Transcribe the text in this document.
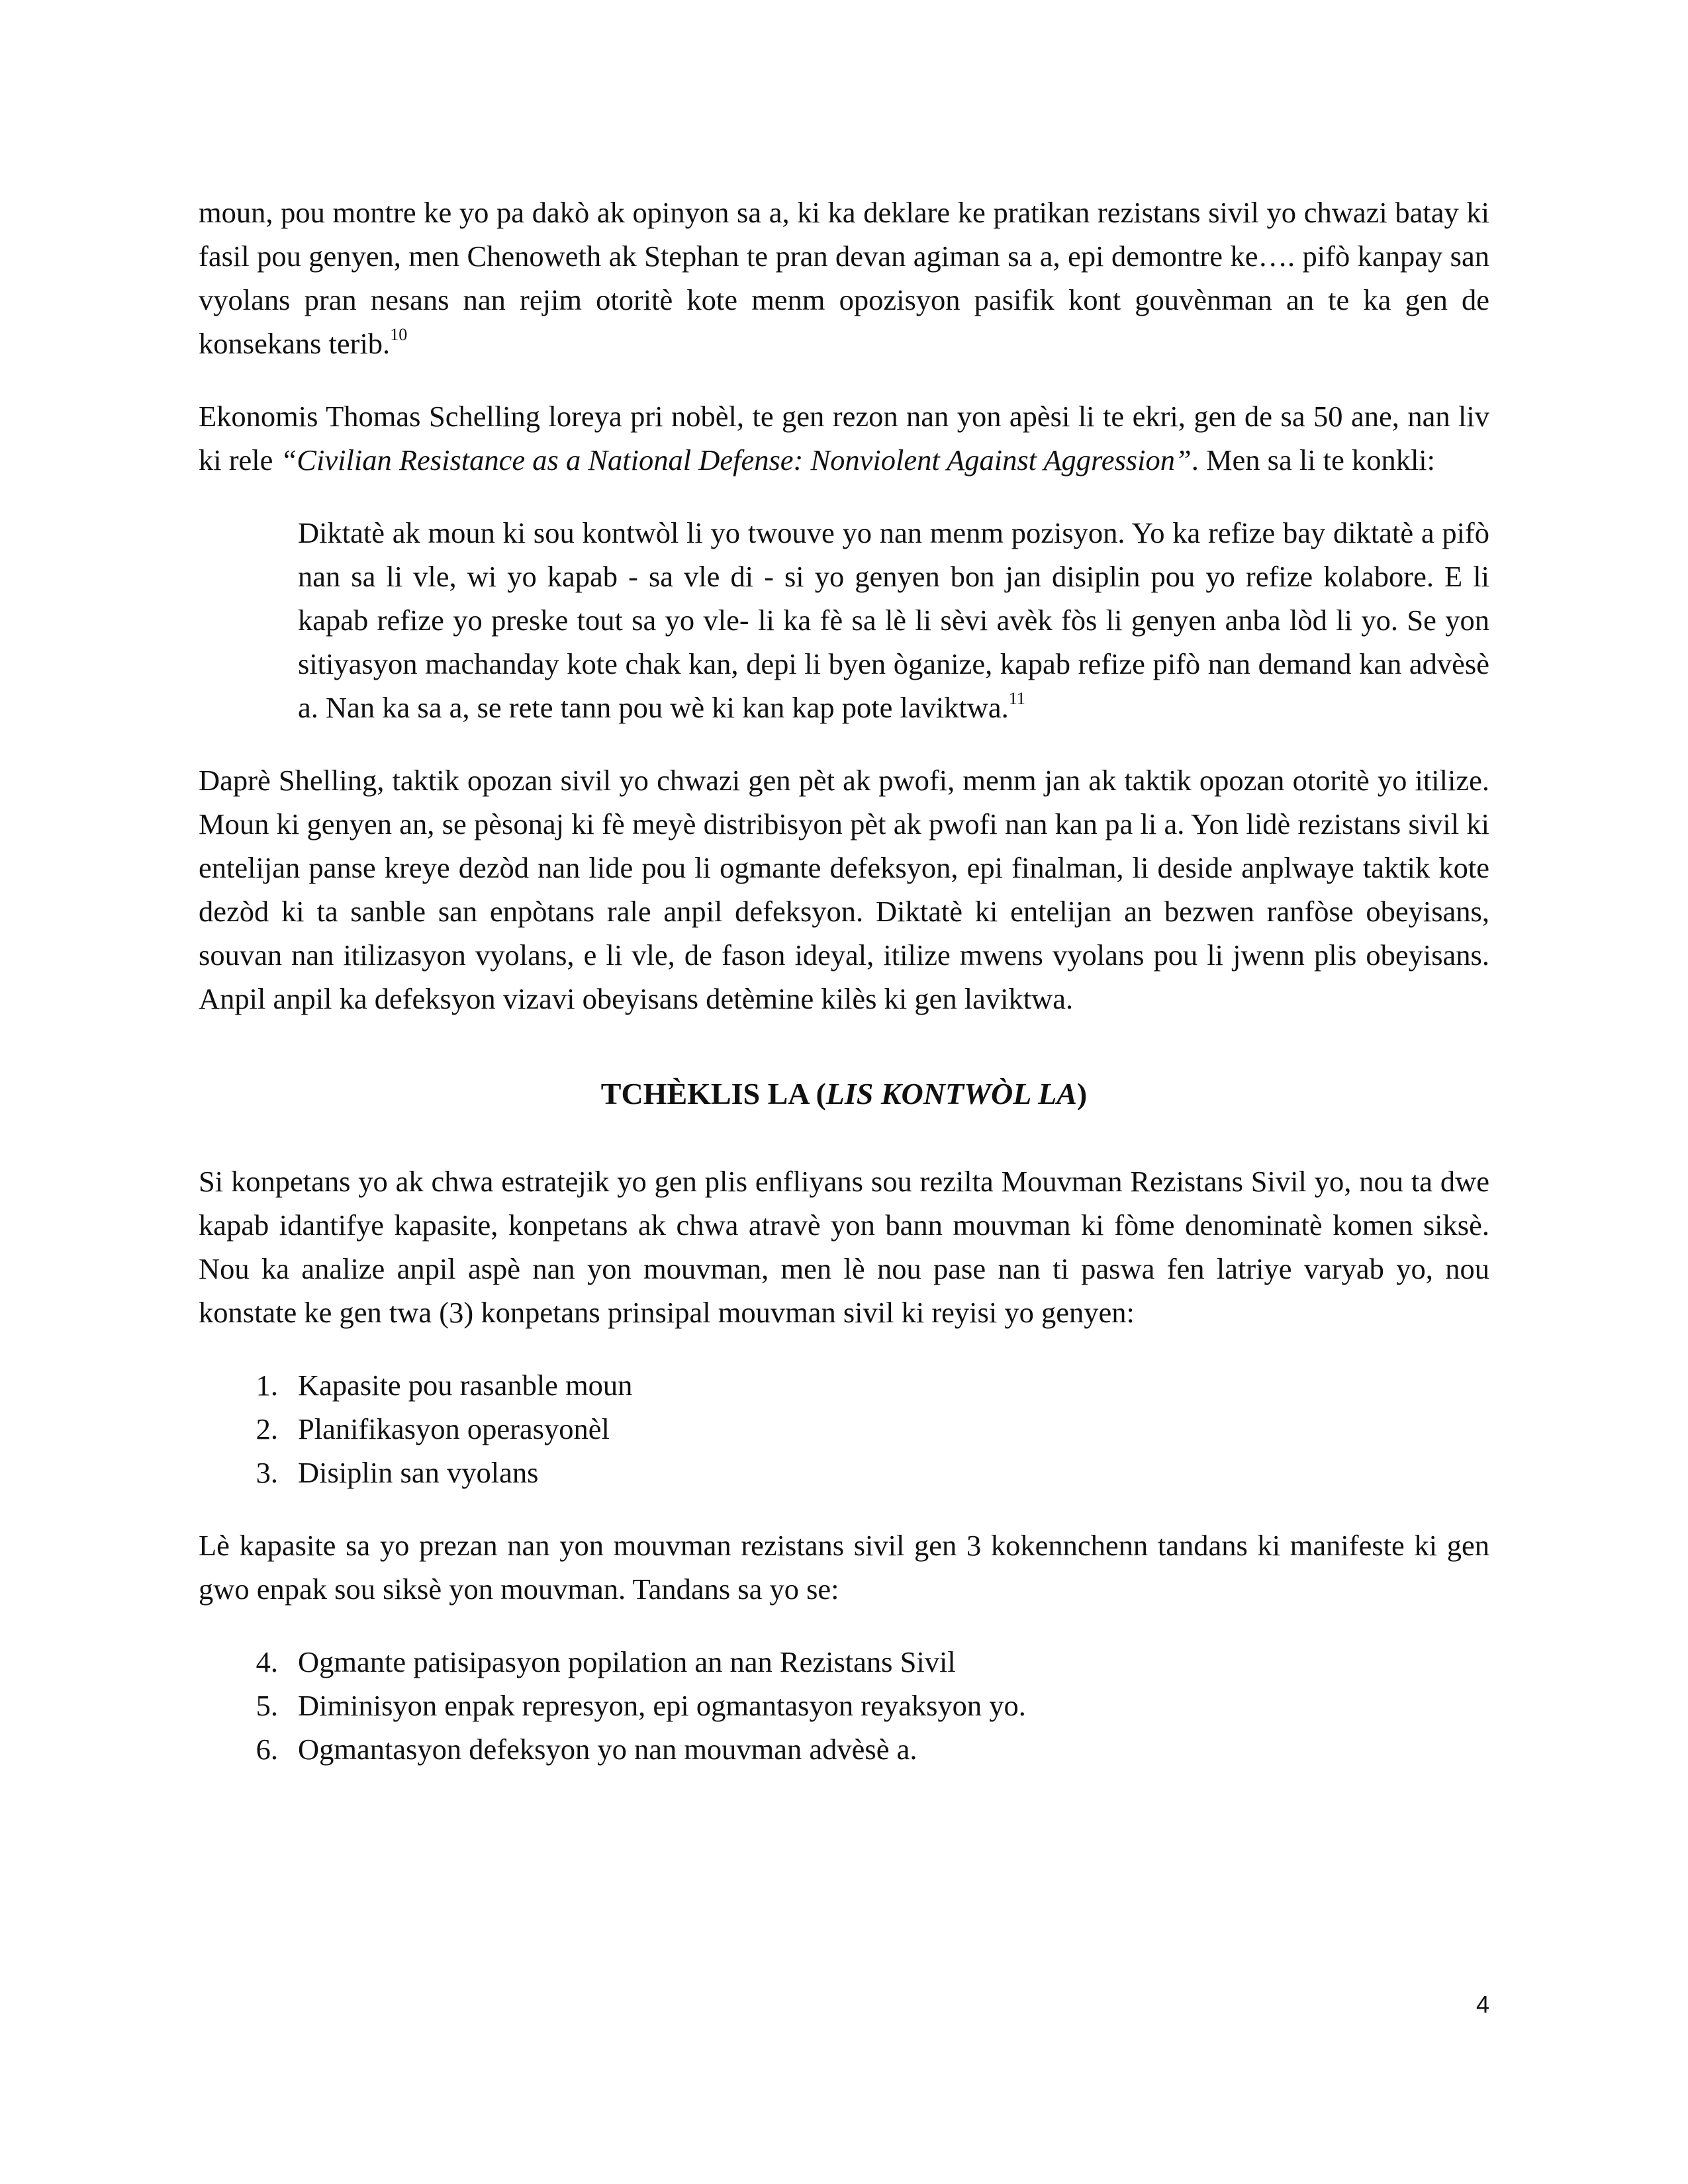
moun, pou montre ke yo pa dakò ak opinyon sa a, ki ka deklare ke pratikan rezistans sivil yo chwazi batay ki fasil pou genyen, men Chenoweth ak Stephan te pran devan agiman sa a, epi demontre ke…. pifò kanpay san vyolans pran nesans nan rejim otoritè kote menm opozisyon pasifik kont gouvènman an te ka gen de konsekans terib.$^{10}$

Ekonomis Thomas Schelling loreya pri nobèl, te gen rezon nan yon apèsi li te ekri, gen de sa 50 ane, nan liv ki rele “Civilian Resistance as a National Defense: Nonviolent Against Aggression”. Men sa li te konkli:

Diktatè ak moun ki sou kontwòl li yo twouve yo nan menm pozisyon. Yo ka refize bay diktatè a pifò nan sa li vle, wi yo kapab - sa vle di - si yo genyen bon jan disiplin pou yo refize kolabore. E li kapab refize yo preske tout sa yo vle- li ka fè sa lè li sèvi avèk fòs li genyen anba lòd li yo. Se yon sitiyasyon machanday kote chak kan, depi li byen òganize, kapab refize pifò nan demand kan advèsè a. Nan ka sa a, se rete tann pou wè ki kan kap pote laviktwa.$^{11}$

Daprè Shelling, taktik opozan sivil yo chwazi gen pèt ak pwofi, menm jan ak taktik opozan otoritè yo itilize. Moun ki genyen an, se pèsonaj ki fè meyè distribisyon pèt ak pwofi nan kan pa li a. Yon lidè rezistans sivil ki entelijan panse kreye dezòd nan lide pou li ogmante defeksyon, epi finalman, li deside anplwaye taktik kote dezòd ki ta sanble san enpòtans rale anpil defeksyon. Diktatè ki entelijan an bezwen ranfòse obeyisans, souvan nan itilizasyon vyolans, e li vle, de fason ideyal, itilize mwens vyolans pou li jwenn plis obeyisans. Anpil anpil ka defeksyon vizavi obeyisans detèmine kilès ki gen laviktwa.

TCHÈKLIS LA (LIS KONTWÒL LA)

Si konpetans yo ak chwa estratejik yo gen plis enfliyans sou rezilta Mouvman Rezistans Sivil yo, nou ta dwe kapab idantifye kapasite, konpetans ak chwa atravè yon bann mouvman ki fòme denominatè komen siksè. Nou ka analize anpil aspè nan yon mouvman, men lè nou pase nan ti paswa fen latriye varyab yo, nou konstate ke gen twa (3) konpetans prinsipal mouvman sivil ki reyisi yo genyen:

1. Kapasite pou rasanble moun
2. Planifikasyon operasyonèl
3. Disiplin san vyolans

Lè kapasite sa yo prezan nan yon mouvman rezistans sivil gen 3 kokennchenn tandans ki manifeste ki gen gwo enpak sou siksè yon mouvman. Tandans sa yo se:

4. Ogmante patisipasyon popilation an nan Rezistans Sivil
5. Diminisyon enpak represyon, epi ogmantasyon reyaksyon yo.
6. Ogmantasyon defeksyon yo nan mouvman advèsè a.
4
